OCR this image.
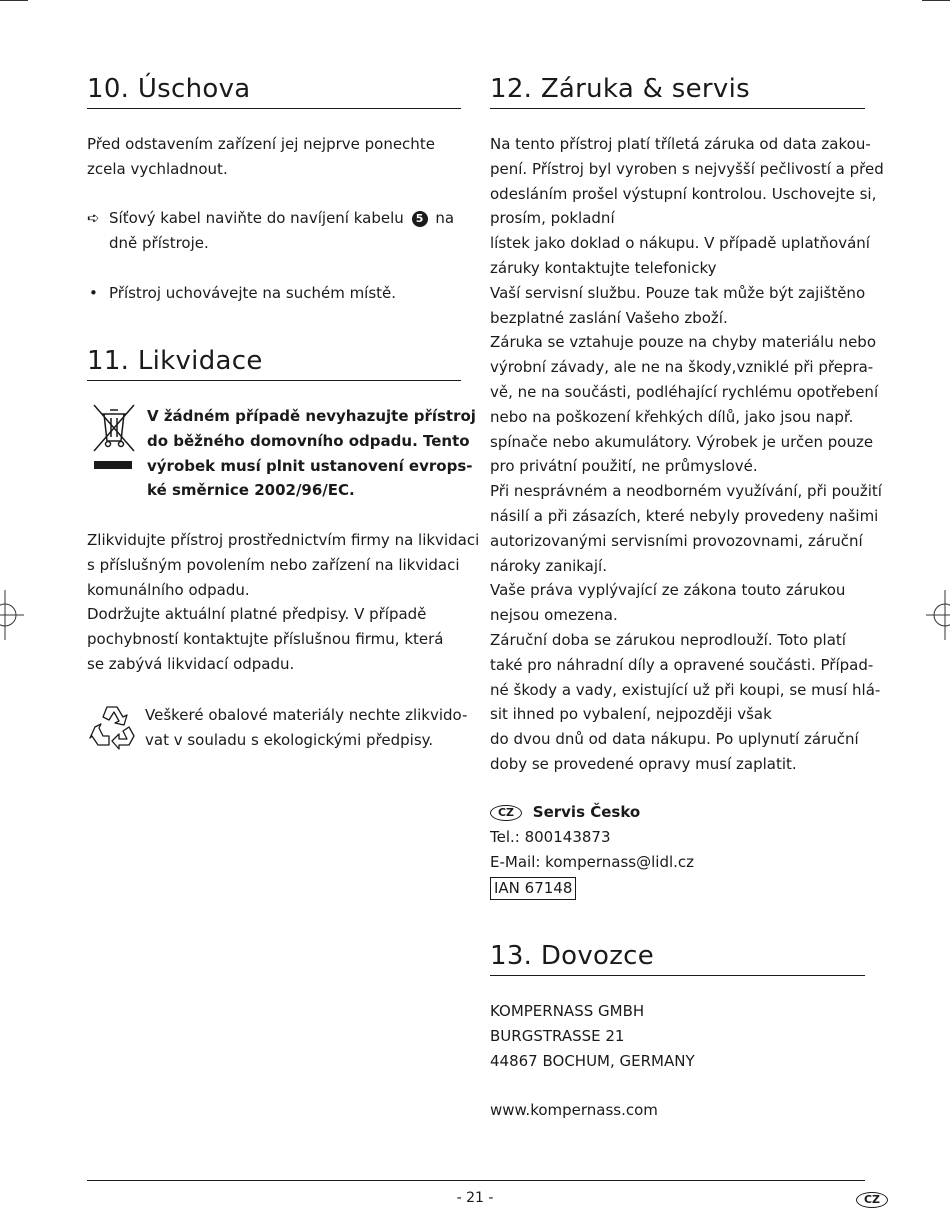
10. Úschova
Před odstavením zařízení jej nejprve ponechte
zcela vychladnout.
➪ Síťový kabel naviňte do navíjení kabelu 5 na
dně přístroje.
• Přístroj uchovávejte na suchém místě.
11. Likvidace
V žádném případě nevyhazujte přístroj
do běžného domovního odpadu. Tento
výrobek musí plnit ustanovení evrops-
ké směrnice 2002/96/EC.
Zlikvidujte přístroj prostřednictvím firmy na likvidaci
s příslušným povolením nebo zařízení na likvidaci
komunálního odpadu.
Dodržujte aktuální platné předpisy. V případě
pochybností kontaktujte příslušnou firmu, která
se zabývá likvidací odpadu.
Veškeré obalové materiály nechte zlikvido-
vat v souladu s ekologickými předpisy.
12. Záruka & servis
Na tento přístroj platí tříletá záruka od data zakou-
pení. Přístroj byl vyroben s nejvyšší pečlivostí a před
odesláním prošel výstupní kontrolou. Uschovejte si,
prosím, pokladní
lístek jako doklad o nákupu. V případě uplatňování
záruky kontaktujte telefonicky
Vaší servisní službu. Pouze tak může být zajištěno
bezplatné zaslání Vašeho zboží.
Záruka se vztahuje pouze na chyby materiálu nebo
výrobní závady, ale ne na škody,vzniklé při přepra-
vě, ne na součásti, podléhající rychlému opotřebení
nebo na poškození křehkých dílů, jako jsou např.
spínače nebo akumulátory. Výrobek je určen pouze
pro privátní použití, ne průmyslové.
Při nesprávném a neodborném využívání, při použití
násilí a při zásazích, které nebyly provedeny našimi
autorizovanými servisními provozovnami, záruční
nároky zanikají.
Vaše práva vyplývající ze zákona touto zárukou
nejsou omezena.
Záruční doba se zárukou neprodlouží. Toto platí
také pro náhradní díly a opravené součásti. Případ-
né škody a vady, existující už při koupi, se musí hlá-
sit ihned po vybalení, nejpozději však
do dvou dnů od data nákupu. Po uplynutí záruční
doby se provedené opravy musí zaplatit.
CZ Servis Česko
Tel.: 800143873
E-Mail: kompernass@lidl.cz
IAN 67148
13. Dovozce
KOMPERNASS GMBH
BURGSTRASSE 21
44867 BOCHUM, GERMANY
www.kompernass.com
- 21 -	CZ
